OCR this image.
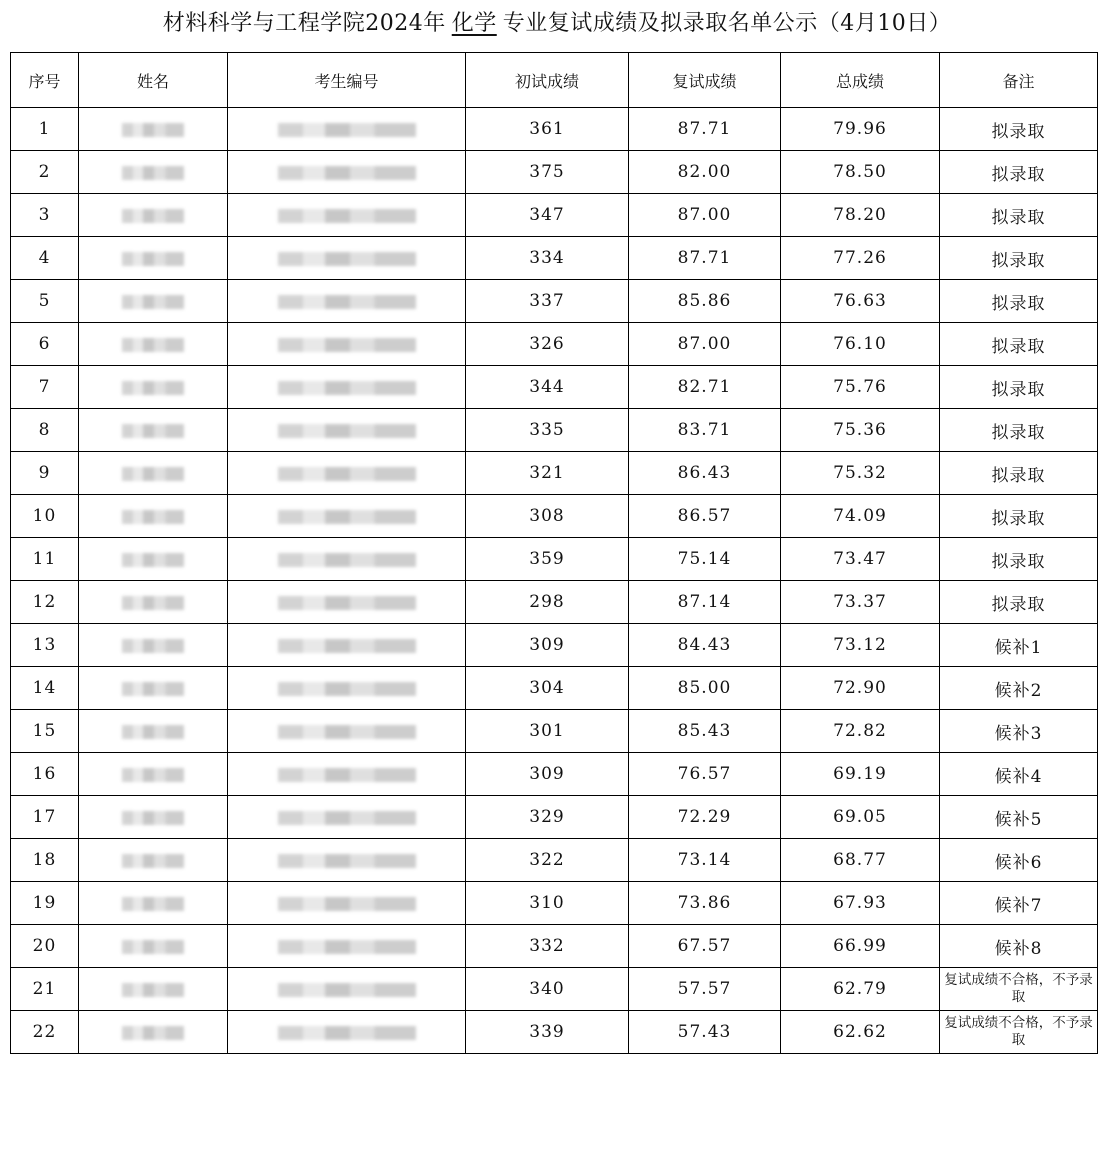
材料科学与工程学院2024年 化学 专业复试成绩及拟录取名单公示（4月10日）
序号	姓名	考生编号	初试成绩	复试成绩	总成绩	备注
1			361	87.71	79.96	拟录取
2			375	82.00	78.50	拟录取
3			347	87.00	78.20	拟录取
4			334	87.71	77.26	拟录取
5			337	85.86	76.63	拟录取
6			326	87.00	76.10	拟录取
7			344	82.71	75.76	拟录取
8			335	83.71	75.36	拟录取
9			321	86.43	75.32	拟录取
10			308	86.57	74.09	拟录取
11			359	75.14	73.47	拟录取
12			298	87.14	73.37	拟录取
13			309	84.43	73.12	候补1
14			304	85.00	72.90	候补2
15			301	85.43	72.82	候补3
16			309	76.57	69.19	候补4
17			329	72.29	69.05	候补5
18			322	73.14	68.77	候补6
19			310	73.86	67.93	候补7
20			332	67.57	66.99	候补8
21			340	57.57	62.79	复试成绩不合格，不予录取
22			339	57.43	62.62	复试成绩不合格，不予录取
